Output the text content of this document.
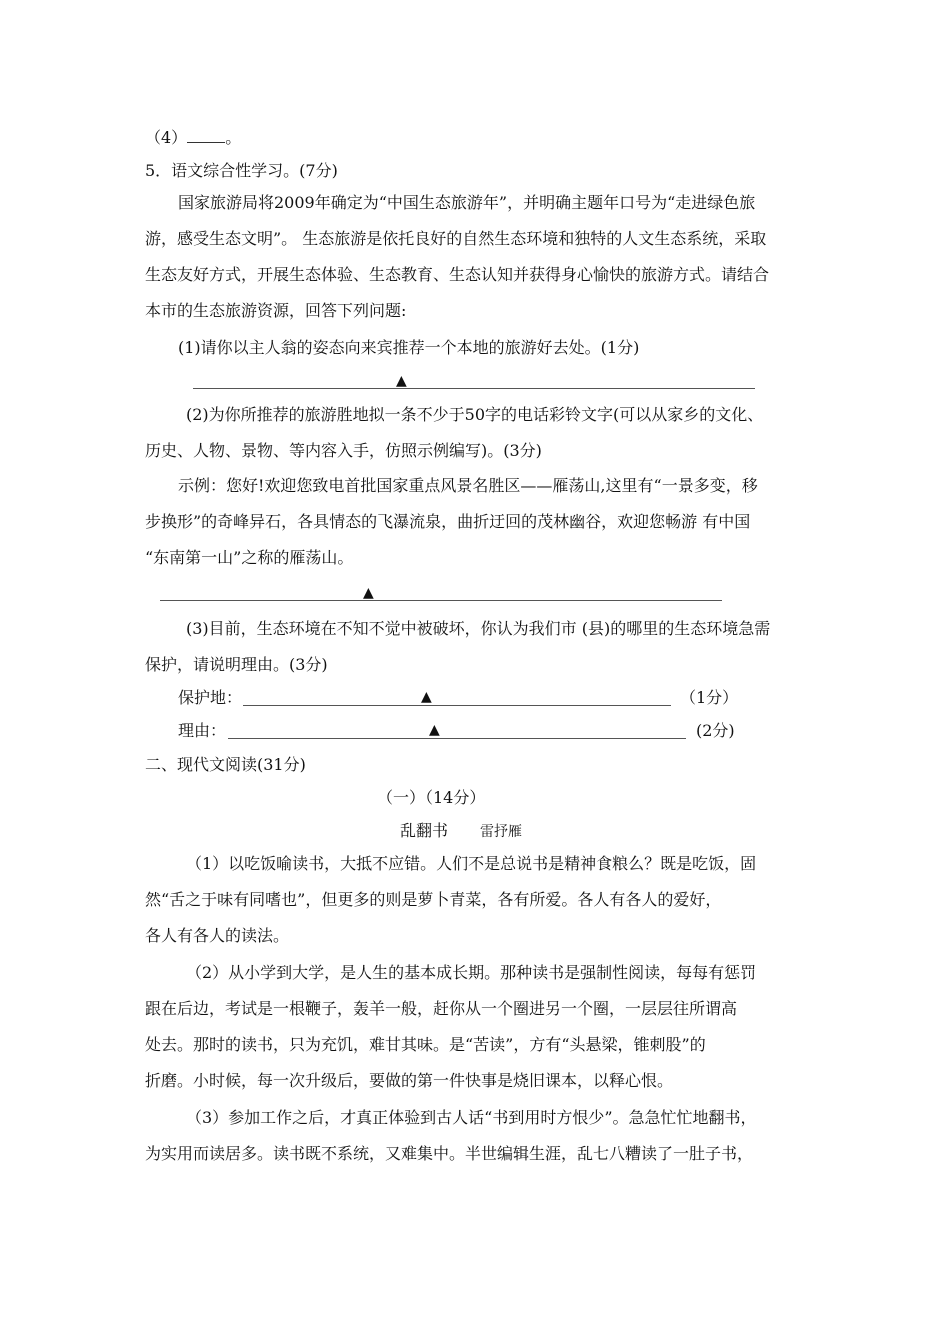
（4） 。
5．语文综合性学习。(7分)
国家旅游局将2009年确定为“中国生态旅游年”，并明确主题年口号为“走进绿色旅
游，感受生态文明”。 生态旅游是依托良好的自然生态环境和独特的人文生态系统，采取
生态友好方式，开展生态体验、生态教育、生态认知并获得身心愉快的旅游方式。请结合
本市的生态旅游资源，回答下列问题:
(1)请你以主人翁的姿态向来宾推荐一个本地的旅游好去处。(1分)
▲
(2)为你所推荐的旅游胜地拟一条不少于50字的电话彩铃文字(可以从家乡的文化、
历史、人物、景物、等内容入手，仿照示例编写)。(3分)
示例：您好!欢迎您致电首批国家重点风景名胜区——雁荡山,这里有“一景多变，移
步换形”的奇峰异石，各具情态的飞瀑流泉，曲折迂回的茂林幽谷，欢迎您畅游 有中国
“东南第一山”之称的雁荡山。
▲
(3)目前，生态环境在不知不觉中被破坏，你认为我们市 (县)的哪里的生态环境急需
保护，请说明理由。(3分)
保护地：	▲	（1分）
理由：	▲	(2分)
二、现代文阅读(31分)
（一）（14分）
乱翻书 雷抒雁
（1）以吃饭喻读书，大抵不应错。人们不是总说书是精神食粮么？既是吃饭，固
然“舌之于味有同嗜也”，但更多的则是萝卜青菜，各有所爱。各人有各人的爱好，
各人有各人的读法。
（2）从小学到大学，是人生的基本成长期。那种读书是强制性阅读，每每有惩罚
跟在后边，考试是一根鞭子，轰羊一般，赶你从一个圈进另一个圈，一层层往所谓高
处去。那时的读书，只为充饥，难甘其味。是“苦读”，方有“头悬梁，锥刺股”的
折磨。小时候，每一次升级后，要做的第一件快事是烧旧课本，以释心恨。
（3）参加工作之后，才真正体验到古人话“书到用时方恨少”。急急忙忙地翻书，
为实用而读居多。读书既不系统，又难集中。半世编辑生涯，乱七八糟读了一肚子书，
